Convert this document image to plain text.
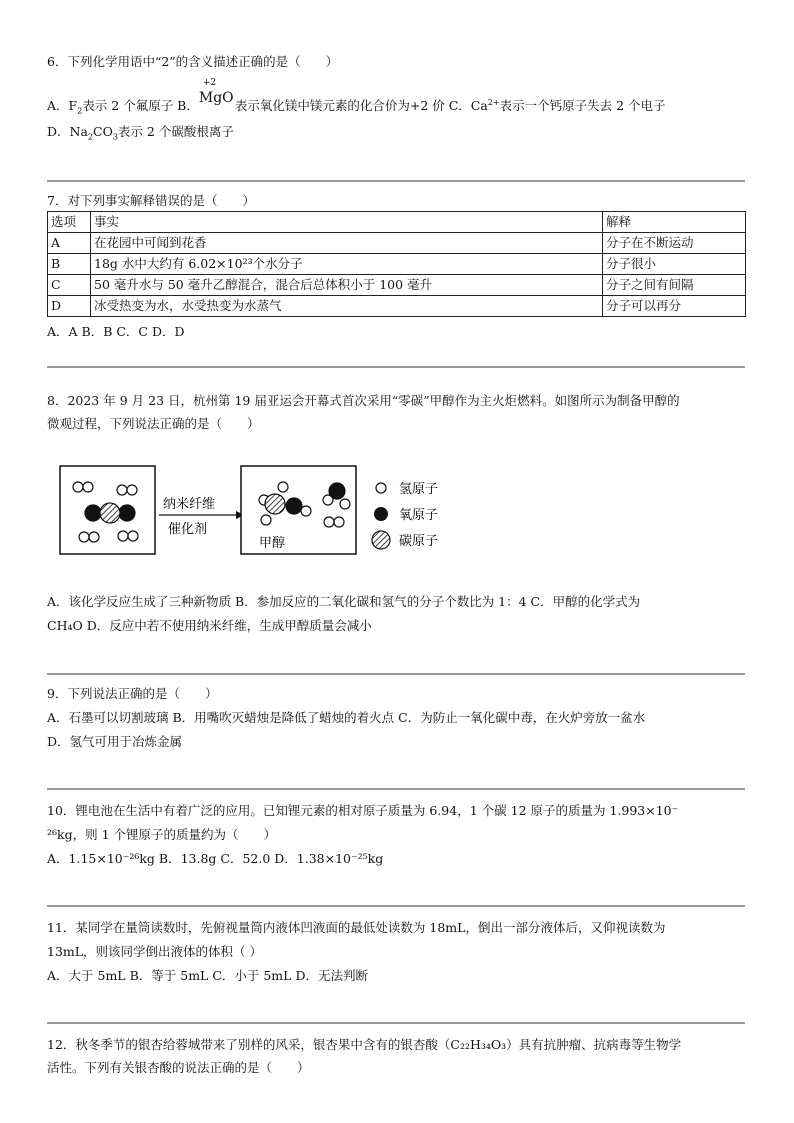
6．下列化学用语中“2”的含义描述正确的是（　　）
A．$F_2$表示 2 个氟原子 B．
+2
MgO 表示氧化镁中镁元素的化合价为+2 价 C．$Ca^{2+}$表示一个钙原子失去 2 个电子
D．$Na_2CO_3$表示 2 个碳酸根离子
7．对下列事实解释错误的是（　　）
选项	事实	解释
A	在花园中可闻到花香	分子在不断运动
B	18g 水中大约有 6.02×10²³个水分子	分子很小
C	50 毫升水与 50 毫升乙醇混合，混合后总体积小于 100 毫升	分子之间有间隔
D	冰受热变为水，水受热变为水蒸气	分子可以再分
A．A B．B C．C D．D
8．2023 年 9 月 23 日，杭州第 19 届亚运会开幕式首次采用“零碳”甲醇作为主火炬燃料。如图所示为制备甲醇的
微观过程，下列说法正确的是（　　）
纳米纤维
催化剂
甲醇
氢原子
氧原子
碳原子
A．该化学反应生成了三种新物质 B．参加反应的二氧化碳和氢气的分子个数比为 1：4 C．甲醇的化学式为
CH₄O D．反应中若不使用纳米纤维，生成甲醇质量会减小
9．下列说法正确的是（　　）
A．石墨可以切割玻璃 B．用嘴吹灭蜡烛是降低了蜡烛的着火点 C．为防止一氧化碳中毒，在火炉旁放一盆水
D．氢气可用于冶炼金属
10．锂电池在生活中有着广泛的应用。已知锂元素的相对原子质量为 6.94，1 个碳 12 原子的质量为 1.993×10⁻
²⁶kg，则 1 个锂原子的质量约为（　　）
A．1.15×10⁻²⁶kg B．13.8g C．52.0 D．1.38×10⁻²⁵kg
11．某同学在量筒读数时，先俯视量筒内液体凹液面的最低处读数为 18mL，倒出一部分液体后，又仰视读数为
13mL，则该同学倒出液体的体积（ ）
A．大于 5mL B．等于 5mL C．小于 5mL D．无法判断
12．秋冬季节的银杏给蓉城带来了别样的风采，银杏果中含有的银杏酸（C₂₂H₃₄O₃）具有抗肿瘤、抗病毒等生物学
活性。下列有关银杏酸的说法正确的是（　　）
